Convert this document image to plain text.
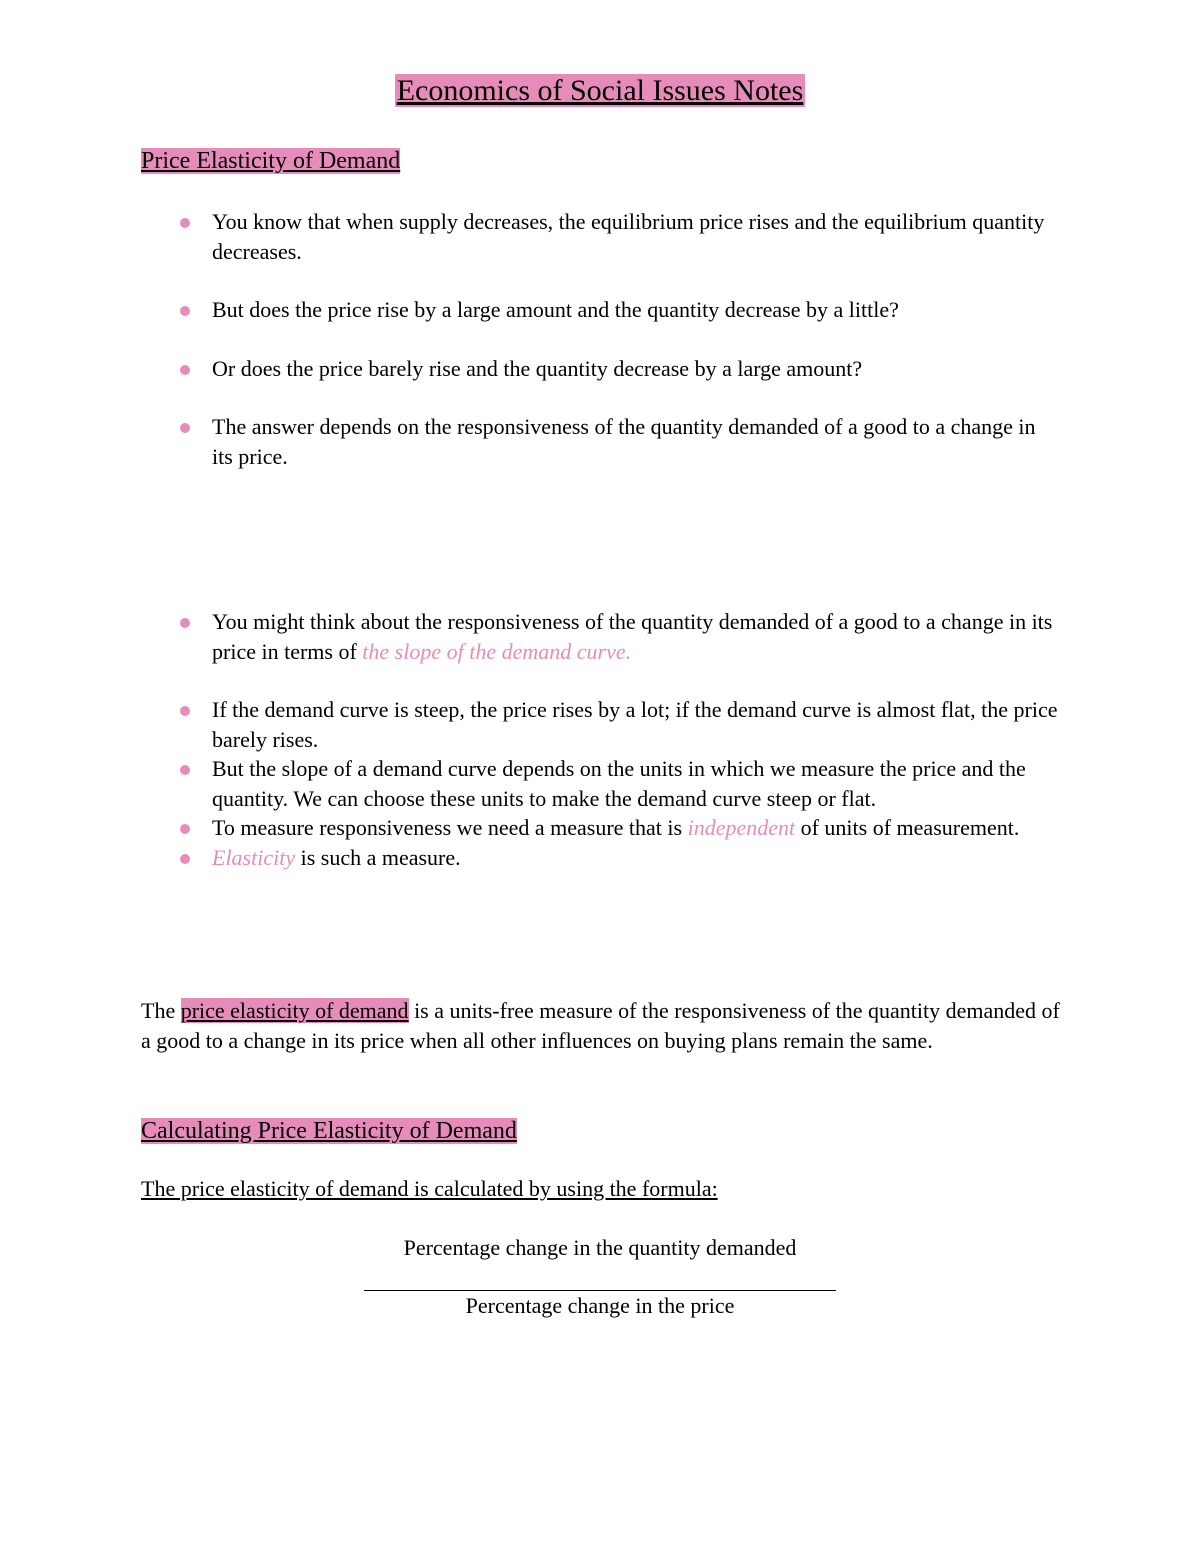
Economics of Social Issues Notes
Price Elasticity of Demand
You know that when supply decreases, the equilibrium price rises and the equilibrium quantity decreases.
But does the price rise by a large amount and the quantity decrease by a little?
Or does the price barely rise and the quantity decrease by a large amount?
The answer depends on the responsiveness of the quantity demanded of a good to a change in its price.
You might think about the responsiveness of the quantity demanded of a good to a change in its price in terms of the slope of the demand curve.
If the demand curve is steep, the price rises by a lot; if the demand curve is almost flat, the price barely rises.
But the slope of a demand curve depends on the units in which we measure the price and the quantity. We can choose these units to make the demand curve steep or flat.
To measure responsiveness we need a measure that is independent of units of measurement.
Elasticity is such a measure.
The price elasticity of demand is a units-free measure of the responsiveness of the quantity demanded of a good to a change in its price when all other influences on buying plans remain the same.
Calculating Price Elasticity of Demand
The price elasticity of demand is calculated by using the formula:
Percentage change in the quantity demanded
Percentage change in the price
